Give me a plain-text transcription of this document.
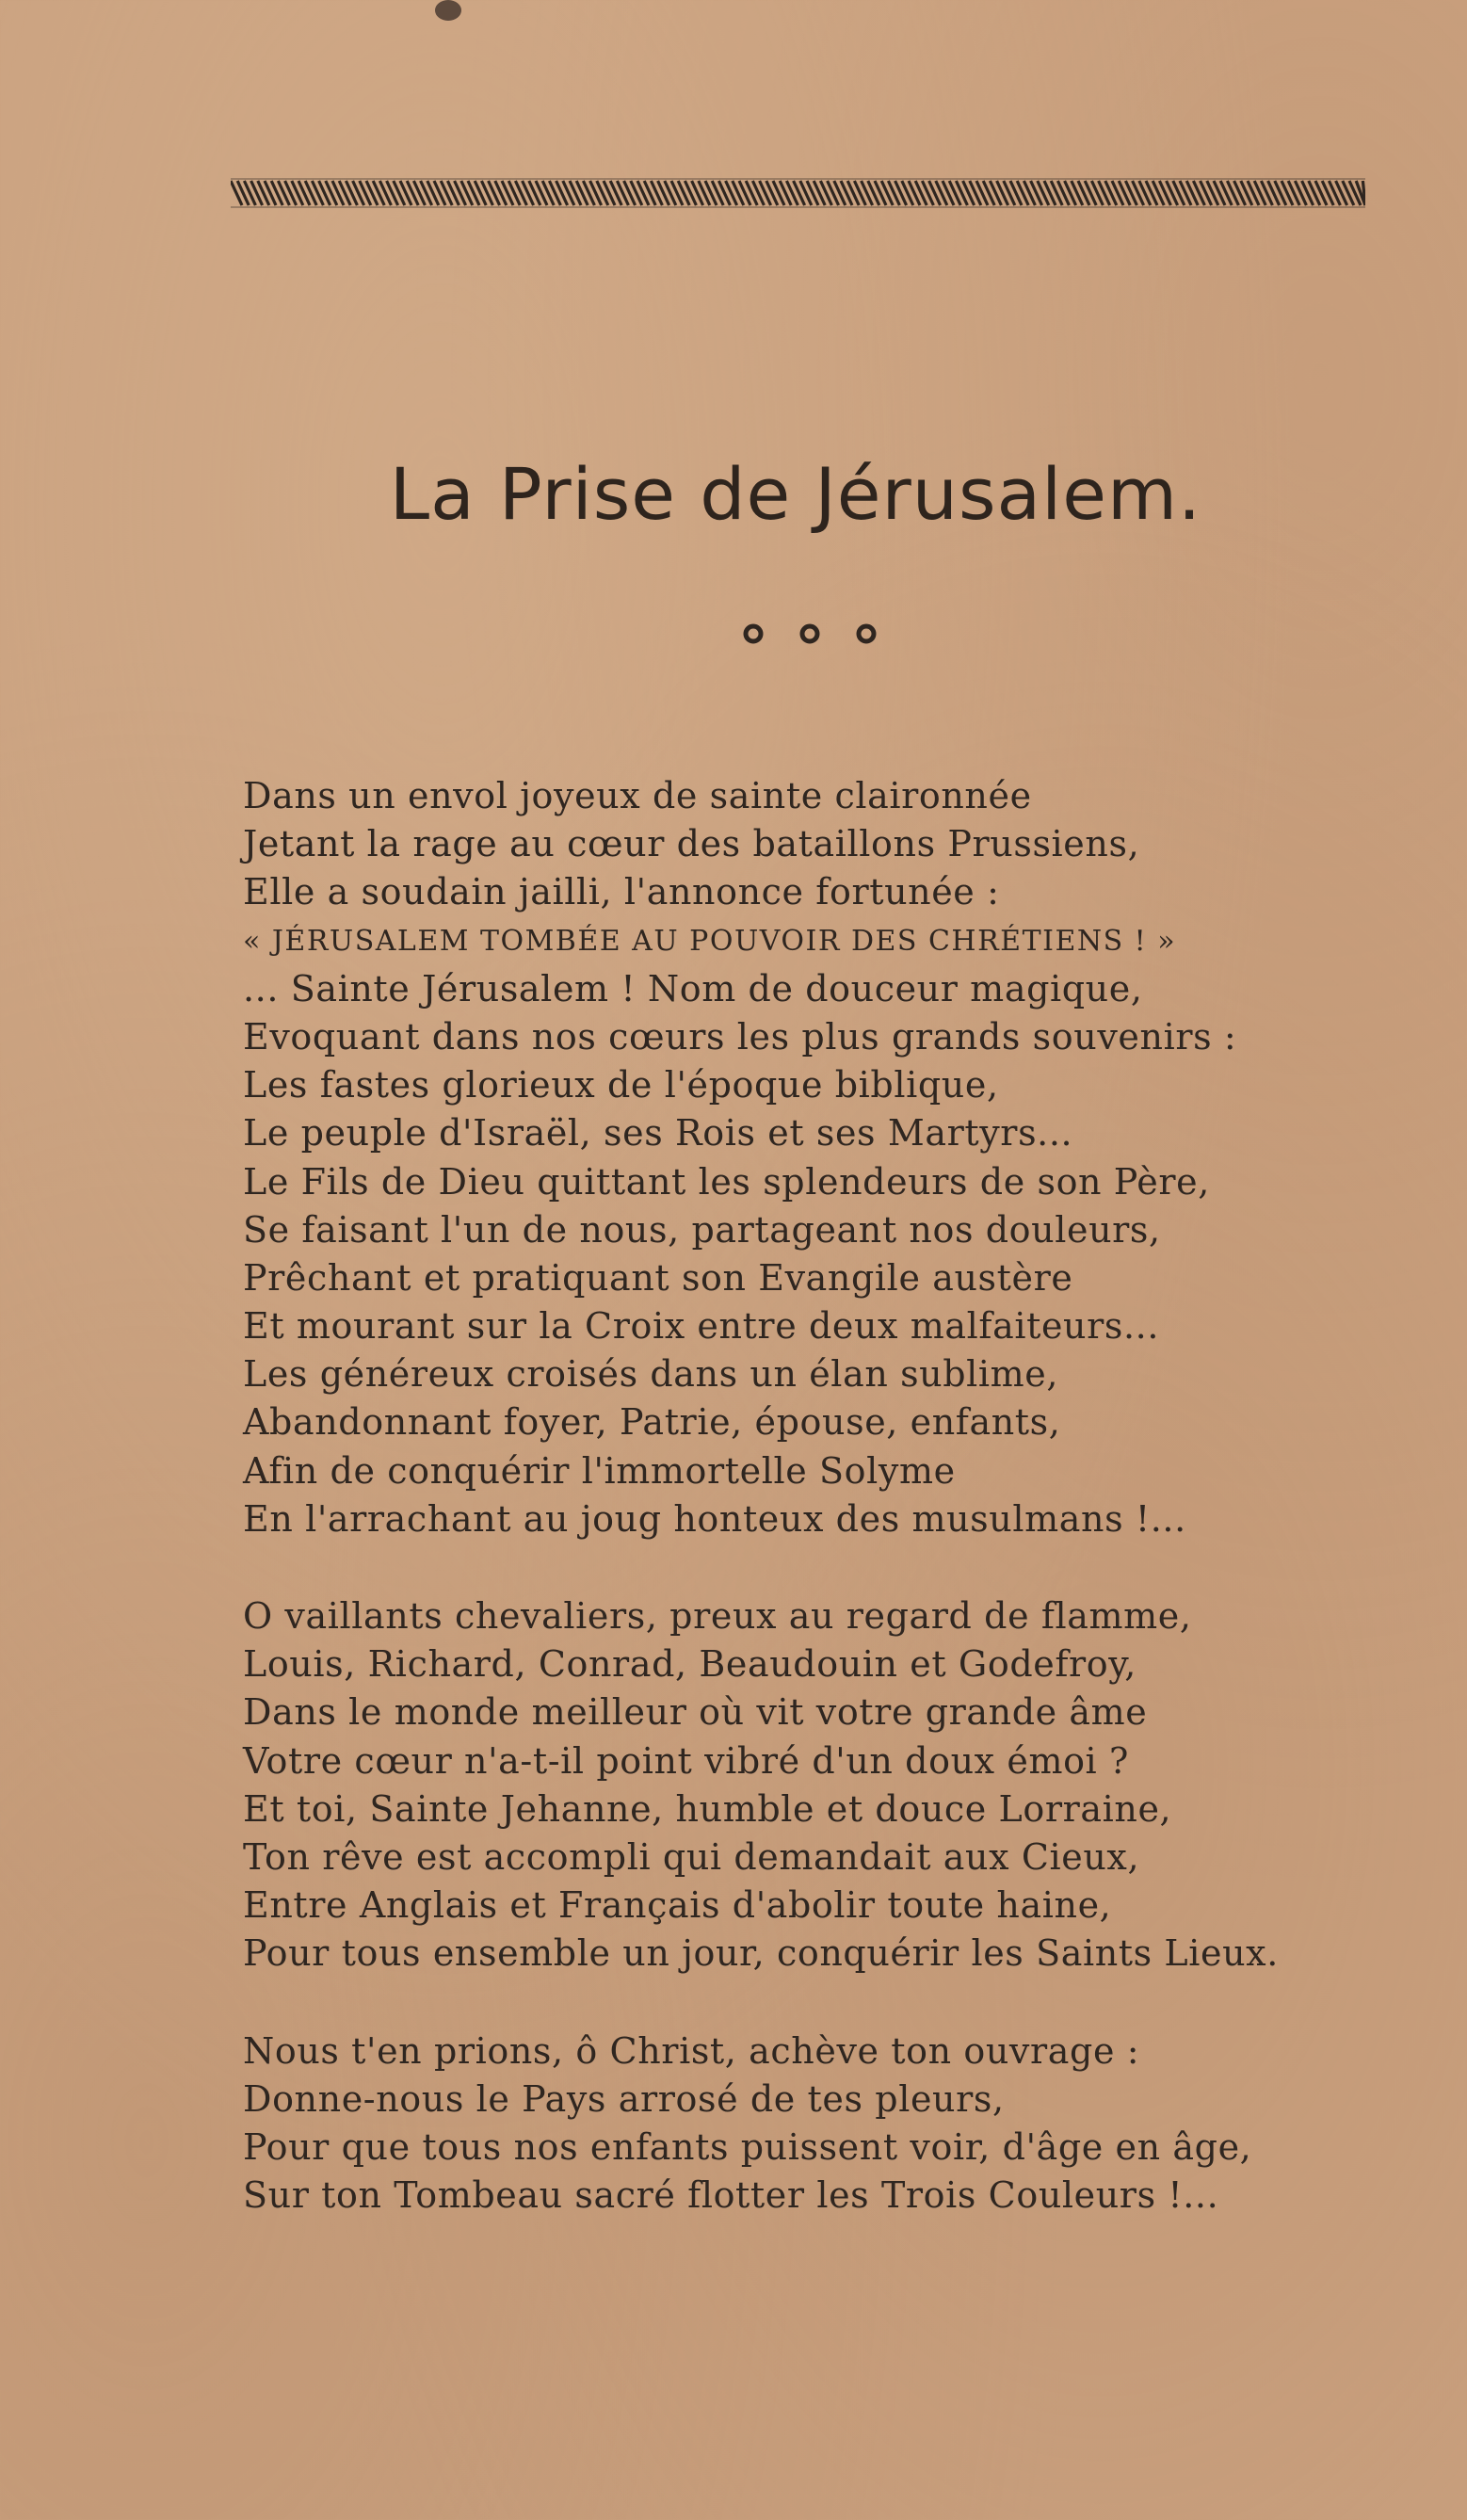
La Prise de Jérusalem.
Dans un envol joyeux de sainte claironnée
Jetant la rage au cœur des bataillons Prussiens,
Elle a soudain jailli, l'annonce fortunée :
« JÉRUSALEM TOMBÉE AU POUVOIR DES CHRÉTIENS ! »
... Sainte Jérusalem ! Nom de douceur magique,
Evoquant dans nos cœurs les plus grands souvenirs :
Les fastes glorieux de l'époque biblique,
Le peuple d'Israël, ses Rois et ses Martyrs...
Le Fils de Dieu quittant les splendeurs de son Père,
Se faisant l'un de nous, partageant nos douleurs,
Prêchant et pratiquant son Evangile austère
Et mourant sur la Croix entre deux malfaiteurs...
Les généreux croisés dans un élan sublime,
Abandonnant foyer, Patrie, épouse, enfants,
Afin de conquérir l'immortelle Solyme
En l'arrachant au joug honteux des musulmans !...
O vaillants chevaliers, preux au regard de flamme,
Louis, Richard, Conrad, Beaudouin et Godefroy,
Dans le monde meilleur où vit votre grande âme
Votre cœur n'a-t-il point vibré d'un doux émoi ?
Et toi, Sainte Jehanne, humble et douce Lorraine,
Ton rêve est accompli qui demandait aux Cieux,
Entre Anglais et Français d'abolir toute haine,
Pour tous ensemble un jour, conquérir les Saints Lieux.
Nous t'en prions, ô Christ, achève ton ouvrage :
Donne-nous le Pays arrosé de tes pleurs,
Pour que tous nos enfants puissent voir, d'âge en âge,
Sur ton Tombeau sacré flotter les Trois Couleurs !...
